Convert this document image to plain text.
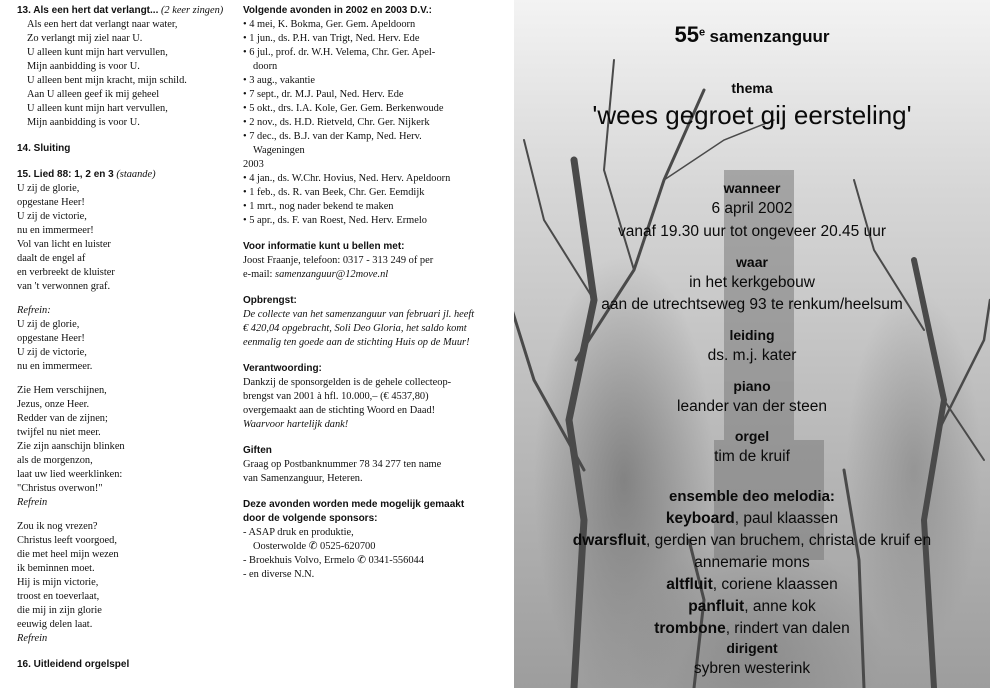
13. Als een hert dat verlangt... (2 keer zingen)
Als een hert dat verlangt naar water,
Zo verlangt mij ziel naar U.
U alleen kunt mijn hart vervullen,
Mijn aanbidding is voor U.
U alleen bent mijn kracht, mijn schild.
Aan U alleen geef ik mij geheel
U alleen kunt mijn hart vervullen,
Mijn aanbidding is voor U.
14. Sluiting
15. Lied 88: 1, 2 en 3 (staande)
U zij de glorie,
opgestane Heer!
U zij de victorie,
nu en immermeer!
Vol van licht en luister
daalt de engel af
en verbreekt de kluister
van 't verwonnen graf.
Refrein:
U zij de glorie,
opgestane Heer!
U zij de victorie,
nu en immermeer.
Zie Hem verschijnen,
Jezus, onze Heer.
Redder van de zijnen;
twijfel nu niet meer.
Zie zijn aanschijn blinken
als de morgenzon,
laat uw lied weerklinken:
"Christus overwon!"
Refrein
Zou ik nog vrezen?
Christus leeft voorgoed,
die met heel mijn wezen
ik beminnen moet.
Hij is mijn victorie,
troost en toeverlaat,
die mij in zijn glorie
eeuwig delen laat.
Refrein
16. Uitleidend orgelspel
Volgende avonden in 2002 en 2003 D.V.:
• 4 mei, K. Bokma, Ger. Gem. Apeldoorn
• 1 jun., ds. P.H. van Trigt, Ned. Herv. Ede
• 6 jul., prof. dr. W.H. Velema, Chr. Ger. Apel-
doorn
• 3 aug., vakantie
• 7 sept., dr. M.J. Paul, Ned. Herv. Ede
• 5 okt., drs. I.A. Kole, Ger. Gem. Berkenwoude
• 2 nov., ds. H.D. Rietveld, Chr. Ger. Nijkerk
• 7 dec., ds. B.J. van der Kamp, Ned. Herv.
Wageningen
2003
• 4 jan., ds. W.Chr. Hovius, Ned. Herv. Apeldoorn
• 1 feb., ds. R. van Beek, Chr. Ger. Eemdijk
• 1 mrt., nog nader bekend te maken
• 5 apr., ds. F. van Roest, Ned. Herv. Ermelo
Voor informatie kunt u bellen met:
Joost Fraanje, telefoon: 0317 - 313 249 of per
e-mail: samenzanguur@12move.nl
Opbrengst:
De collecte van het samenzanguur van februari jl. heeft
€ 420,04 opgebracht, Soli Deo Gloria, het saldo komt
eenmalig ten goede aan de stichting Huis op de Muur!
Verantwoording:
Dankzij de sponsorgelden is de gehele collecteop-
brengst van 2001 à hfl. 10.000,– (€ 4537,80)
overgemaakt aan de stichting Woord en Daad!
Waarvoor hartelijk dank!
Giften
Graag op Postbanknummer 78 34 277 ten name
van Samenzanguur, Heteren.
Deze avonden worden mede mogelijk gemaakt
door de volgende sponsors:
- ASAP druk en produktie,
Oosterwolde ✆ 0525-620700
- Broekhuis Volvo, Ermelo ✆ 0341-556044
- en diverse N.N.
55e samenzanguur
thema
'wees gegroet gij eersteling'
wanneer
6 april 2002
vanaf 19.30 uur tot ongeveer 20.45 uur
waar
in het kerkgebouw
aan de utrechtseweg 93 te renkum/heelsum
leiding
ds. m.j. kater
piano
leander van der steen
orgel
tim de kruif
ensemble deo melodia:
keyboard, paul klaassen
dwarsfluit, gerdien van bruchem, christa de kruif en
annemarie mons
altfluit, coriene klaassen
panfluit, anne kok
trombone, rindert van dalen
dirigent
sybren westerink
